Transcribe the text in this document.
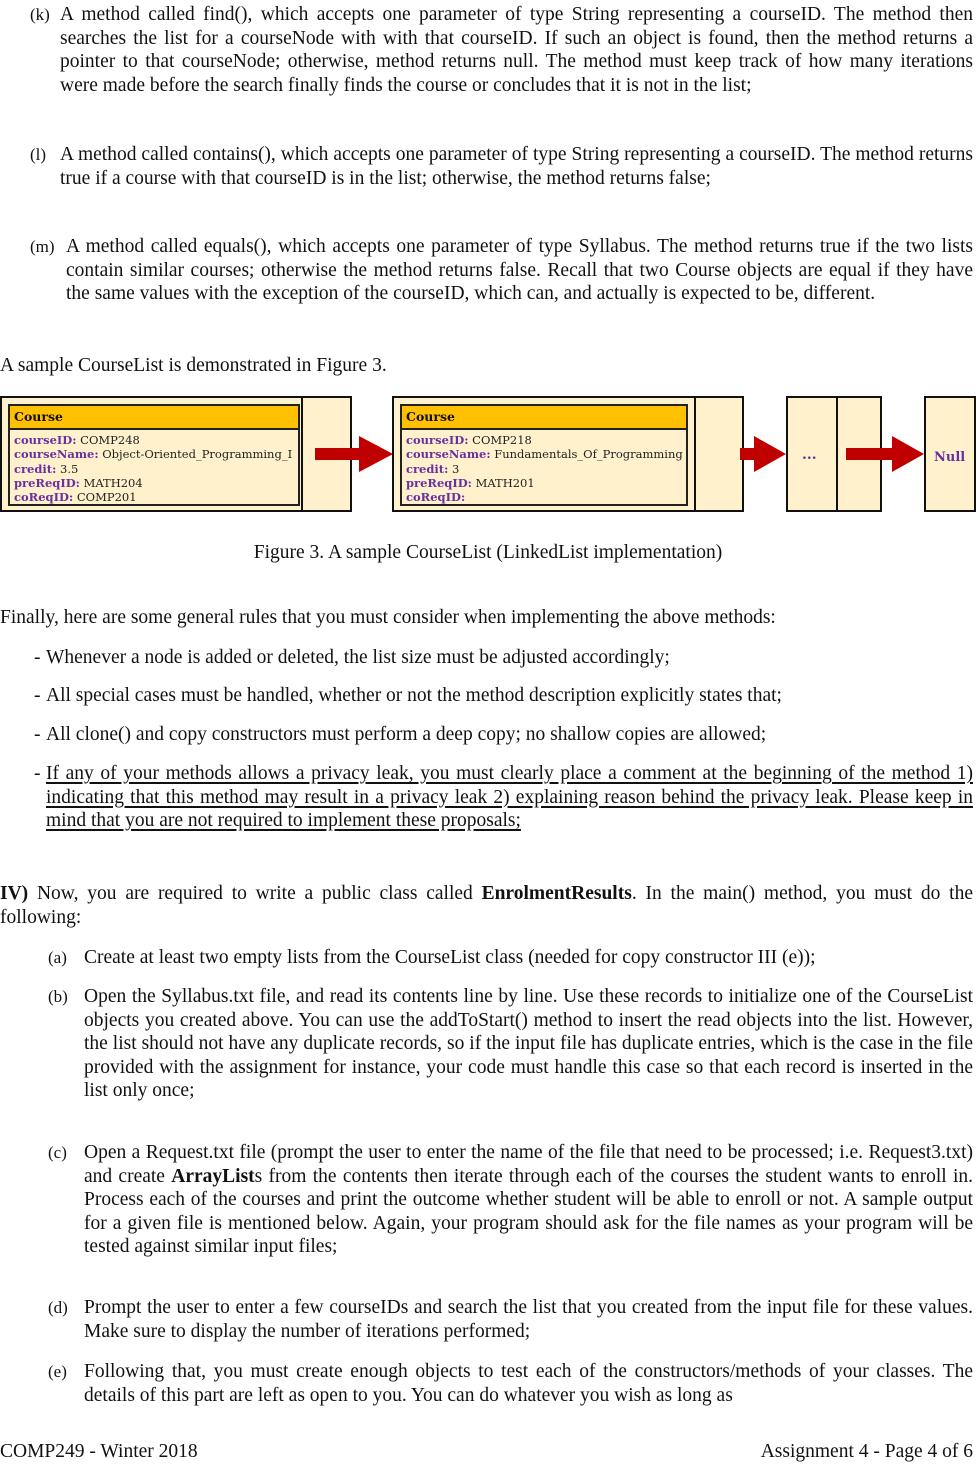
(k) A method called find(), which accepts one parameter of type String representing a courseID. The method then searches the list for a courseNode with with that courseID. If such an object is found, then the method returns a pointer to that courseNode; otherwise, method returns null. The method must keep track of how many iterations were made before the search finally finds the course or concludes that it is not in the list;
(l) A method called contains(), which accepts one parameter of type String representing a courseID. The method returns true if a course with that courseID is in the list; otherwise, the method returns false;
(m) A method called equals(), which accepts one parameter of type Syllabus. The method returns true if the two lists contain similar courses; otherwise the method returns false. Recall that two Course objects are equal if they have the same values with the exception of the courseID, which can, and actually is expected to be, different.
A sample CourseList is demonstrated in Figure 3.
Course
courseID: COMP248
courseName: Object-Oriented_Programming_I
credit: 3.5
preReqID: MATH204
coReqID: COMP201
Course
courseID: COMP218
courseName: Fundamentals_Of_Programming
credit: 3
preReqID: MATH201
coReqID:
...	Null
Figure 3. A sample CourseList (LinkedList implementation)
Finally, here are some general rules that you must consider when implementing the above methods:
- Whenever a node is added or deleted, the list size must be adjusted accordingly;
- All special cases must be handled, whether or not the method description explicitly states that;
- All clone() and copy constructors must perform a deep copy; no shallow copies are allowed;
- If any of your methods allows a privacy leak, you must clearly place a comment at the beginning of the method 1) indicating that this method may result in a privacy leak 2) explaining reason behind the privacy leak. Please keep in mind that you are not required to implement these proposals;
IV) Now, you are required to write a public class called EnrolmentResults. In the main() method, you must do the following:
(a) Create at least two empty lists from the CourseList class (needed for copy constructor III (e));
(b) Open the Syllabus.txt file, and read its contents line by line. Use these records to initialize one of the CourseList objects you created above. You can use the addToStart() method to insert the read objects into the list. However, the list should not have any duplicate records, so if the input file has duplicate entries, which is the case in the file provided with the assignment for instance, your code must handle this case so that each record is inserted in the list only once;
(c) Open a Request.txt file (prompt the user to enter the name of the file that need to be processed; i.e. Request3.txt) and create ArrayLists from the contents then iterate through each of the courses the student wants to enroll in. Process each of the courses and print the outcome whether student will be able to enroll or not. A sample output for a given file is mentioned below. Again, your program should ask for the file names as your program will be tested against similar input files;
(d) Prompt the user to enter a few courseIDs and search the list that you created from the input file for these values. Make sure to display the number of iterations performed;
(e) Following that, you must create enough objects to test each of the constructors/methods of your classes. The details of this part are left as open to you. You can do whatever you wish as long as
COMP249 - Winter 2018	Assignment 4 - Page 4 of 6
